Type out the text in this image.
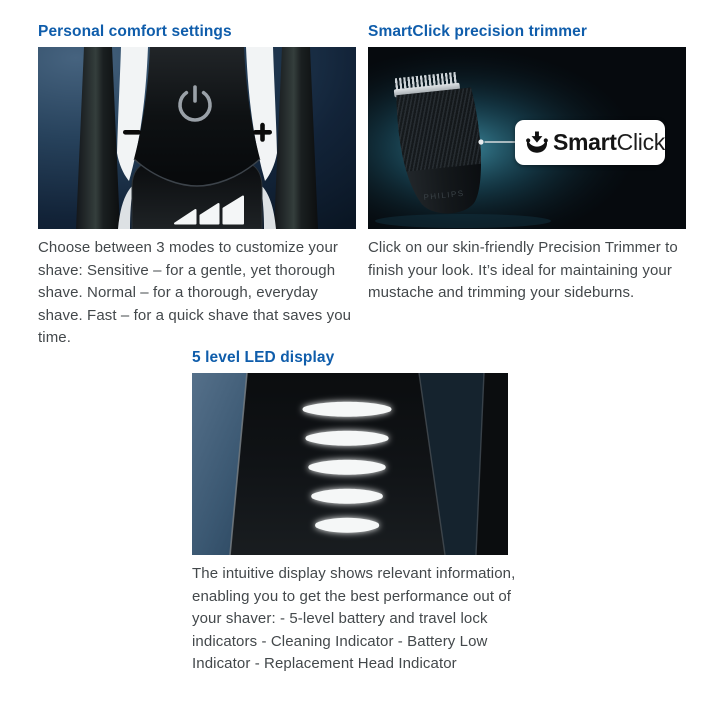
Personal comfort settings

Choose between 3 modes to customize your shave: Sensitive – for a gentle, yet thorough shave. Normal – for a thorough, everyday shave. Fast – for a quick shave that saves you time.

SmartClick precision trimmer
PHILIPS
SmartClick

Click on our skin-friendly Precision Trimmer to finish your look. It’s ideal for maintaining your mustache and trimming your sideburns.

5 level LED display

The intuitive display shows relevant information, enabling you to get the best performance out of your shaver: - 5-level battery and travel lock indicators - Cleaning Indicator - Battery Low Indicator - Replacement Head Indicator
